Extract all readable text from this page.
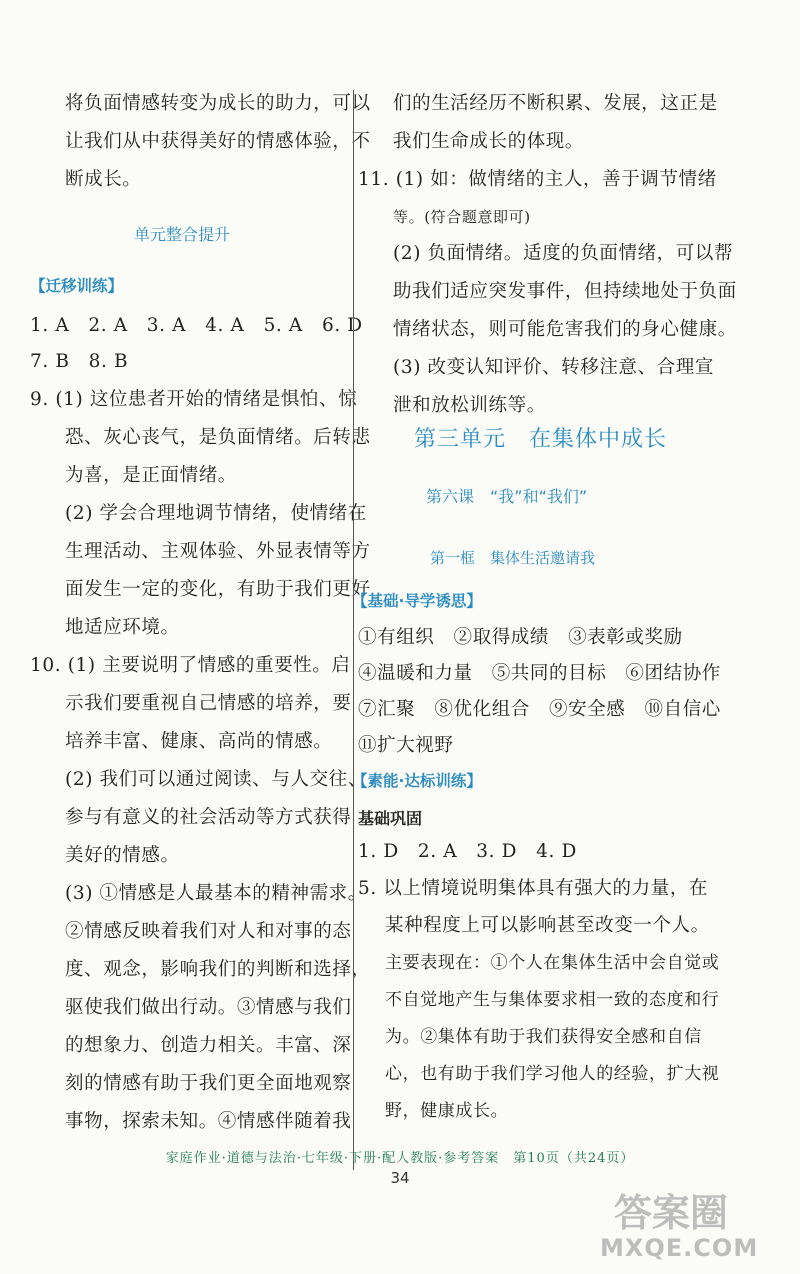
将负面情感转变为成长的助力，可以
让我们从中获得美好的情感体验，不
断成长。
单元整合提升
【迁移训练】
1. A　2. A　3. A　4. A　5. A　6. D
7. B　8. B
9. (1) 这位患者开始的情绪是惧怕、惊
恐、灰心丧气，是负面情绪。后转悲
为喜，是正面情绪。
(2) 学会合理地调节情绪，使情绪在
生理活动、主观体验、外显表情等方
面发生一定的变化，有助于我们更好
地适应环境。
10. (1) 主要说明了情感的重要性。启
示我们要重视自己情感的培养，要
培养丰富、健康、高尚的情感。
(2) 我们可以通过阅读、与人交往、
参与有意义的社会活动等方式获得
美好的情感。
(3) ①情感是人最基本的精神需求。
②情感反映着我们对人和对事的态
度、观念，影响我们的判断和选择，
驱使我们做出行动。③情感与我们
的想象力、创造力相关。丰富、深
刻的情感有助于我们更全面地观察
事物，探索未知。④情感伴随着我
们的生活经历不断积累、发展，这正是
我们生命成长的体现。
11. (1) 如：做情绪的主人，善于调节情绪
等。(符合题意即可)
(2) 负面情绪。适度的负面情绪，可以帮
助我们适应突发事件，但持续地处于负面
情绪状态，则可能危害我们的身心健康。
(3) 改变认知评价、转移注意、合理宣
泄和放松训练等。
第三单元　在集体中成长
第六课　“我”和“我们”
第一框　集体生活邀请我
【基础·导学诱思】
①有组织　②取得成绩　③表彰或奖励
④温暖和力量　⑤共同的目标　⑥团结协作
⑦汇聚　⑧优化组合　⑨安全感　⑩自信心
⑪扩大视野
【素能·达标训练】
基础巩固
1. D　2. A　3. D　4. D
5. 以上情境说明集体具有强大的力量，在
某种程度上可以影响甚至改变一个人。
主要表现在：①个人在集体生活中会自觉或
不自觉地产生与集体要求相一致的态度和行
为。②集体有助于我们获得安全感和自信
心，也有助于我们学习他人的经验，扩大视
野，健康成长。
家庭作业·道德与法治·七年级·下册·配人教版·参考答案　第10页（共24页）
34
答案圈
MXQE.COM
